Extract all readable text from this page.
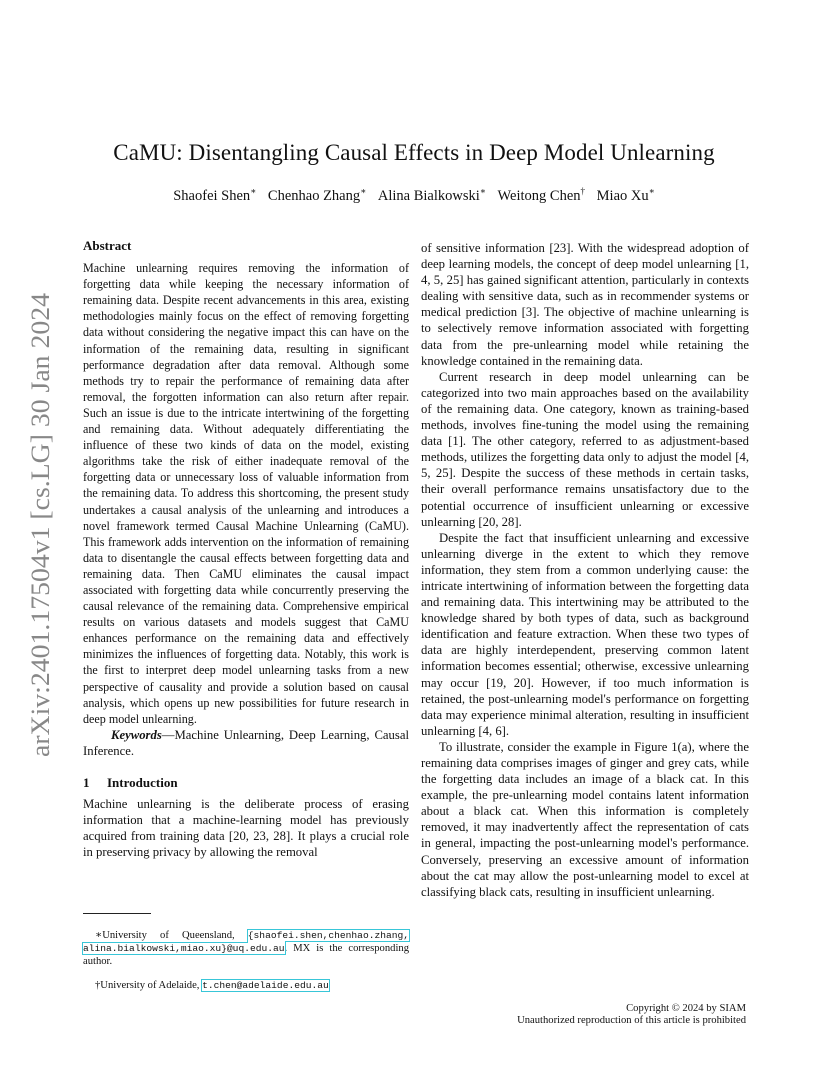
arXiv:2401.17504v1 [cs.LG] 30 Jan 2024
CaMU: Disentangling Causal Effects in Deep Model Unlearning
Shaofei Shen∗ Chenhao Zhang∗ Alina Bialkowski∗ Weitong Chen† Miao Xu∗
Abstract

Machine unlearning requires removing the information of forgetting data while keeping the necessary information of remaining data. Despite recent advancements in this area, existing methodologies mainly focus on the effect of removing forgetting data without considering the negative impact this can have on the information of the remaining data, resulting in significant performance degradation after data removal. Although some methods try to repair the performance of remaining data after removal, the forgotten information can also return after repair. Such an issue is due to the intricate intertwining of the forgetting and remaining data. Without adequately differentiating the influence of these two kinds of data on the model, existing algorithms take the risk of either inadequate removal of the forgetting data or unnecessary loss of valuable information from the remaining data. To address this shortcoming, the present study undertakes a causal analysis of the unlearning and introduces a novel framework termed Causal Machine Unlearning (CaMU). This framework adds intervention on the information of remaining data to disentangle the causal effects between forgetting data and remaining data. Then CaMU eliminates the causal impact associated with forgetting data while concurrently preserving the causal relevance of the remaining data. Comprehensive empirical results on various datasets and models suggest that CaMU enhances performance on the remaining data and effectively minimizes the influences of forgetting data. Notably, this work is the first to interpret deep model unlearning tasks from a new perspective of causality and provide a solution based on causal analysis, which opens up new possibilities for future research in deep model unlearning.

Keywords—Machine Unlearning, Deep Learning, Causal Inference.

1 Introduction

Machine unlearning is the deliberate process of erasing information that a machine-learning model has previously acquired from training data [20, 23, 28]. It plays a crucial role in preserving privacy by allowing the removal

∗University of Queensland, {shaofei.shen,chenhao.zhang, alina.bialkowski,miao.xu}@uq.edu.au. MX is the corresponding author.

†University of Adelaide, t.chen@adelaide.edu.au

of sensitive information [23]. With the widespread adoption of deep learning models, the concept of deep model unlearning [1, 4, 5, 25] has gained significant attention, particularly in contexts dealing with sensitive data, such as in recommender systems or medical prediction [3]. The objective of machine unlearning is to selectively remove information associated with forgetting data from the pre-unlearning model while retaining the knowledge contained in the remaining data.

Current research in deep model unlearning can be categorized into two main approaches based on the availability of the remaining data. One category, known as training-based methods, involves fine-tuning the model using the remaining data [1]. The other category, referred to as adjustment-based methods, utilizes the forgetting data only to adjust the model [4, 5, 25]. Despite the success of these methods in certain tasks, their overall performance remains unsatisfactory due to the potential occurrence of insufficient unlearning or excessive unlearning [20, 28].

Despite the fact that insufficient unlearning and excessive unlearning diverge in the extent to which they remove information, they stem from a common underlying cause: the intricate intertwining of information between the forgetting data and remaining data. This intertwining may be attributed to the knowledge shared by both types of data, such as background identification and feature extraction. When these two types of data are highly interdependent, preserving common latent information becomes essential; otherwise, excessive unlearning may occur [19, 20]. However, if too much information is retained, the post-unlearning model's performance on forgetting data may experience minimal alteration, resulting in insufficient unlearning [4, 6].

To illustrate, consider the example in Figure 1(a), where the remaining data comprises images of ginger and grey cats, while the forgetting data includes an image of a black cat. In this example, the pre-unlearning model contains latent information about a black cat. When this information is completely removed, it may inadvertently affect the representation of cats in general, impacting the post-unlearning model's performance. Conversely, preserving an excessive amount of information about the cat may allow the post-unlearning model to excel at classifying black cats, resulting in insufficient unlearning.

Copyright © 2024 by SIAM
Unauthorized reproduction of this article is prohibited
